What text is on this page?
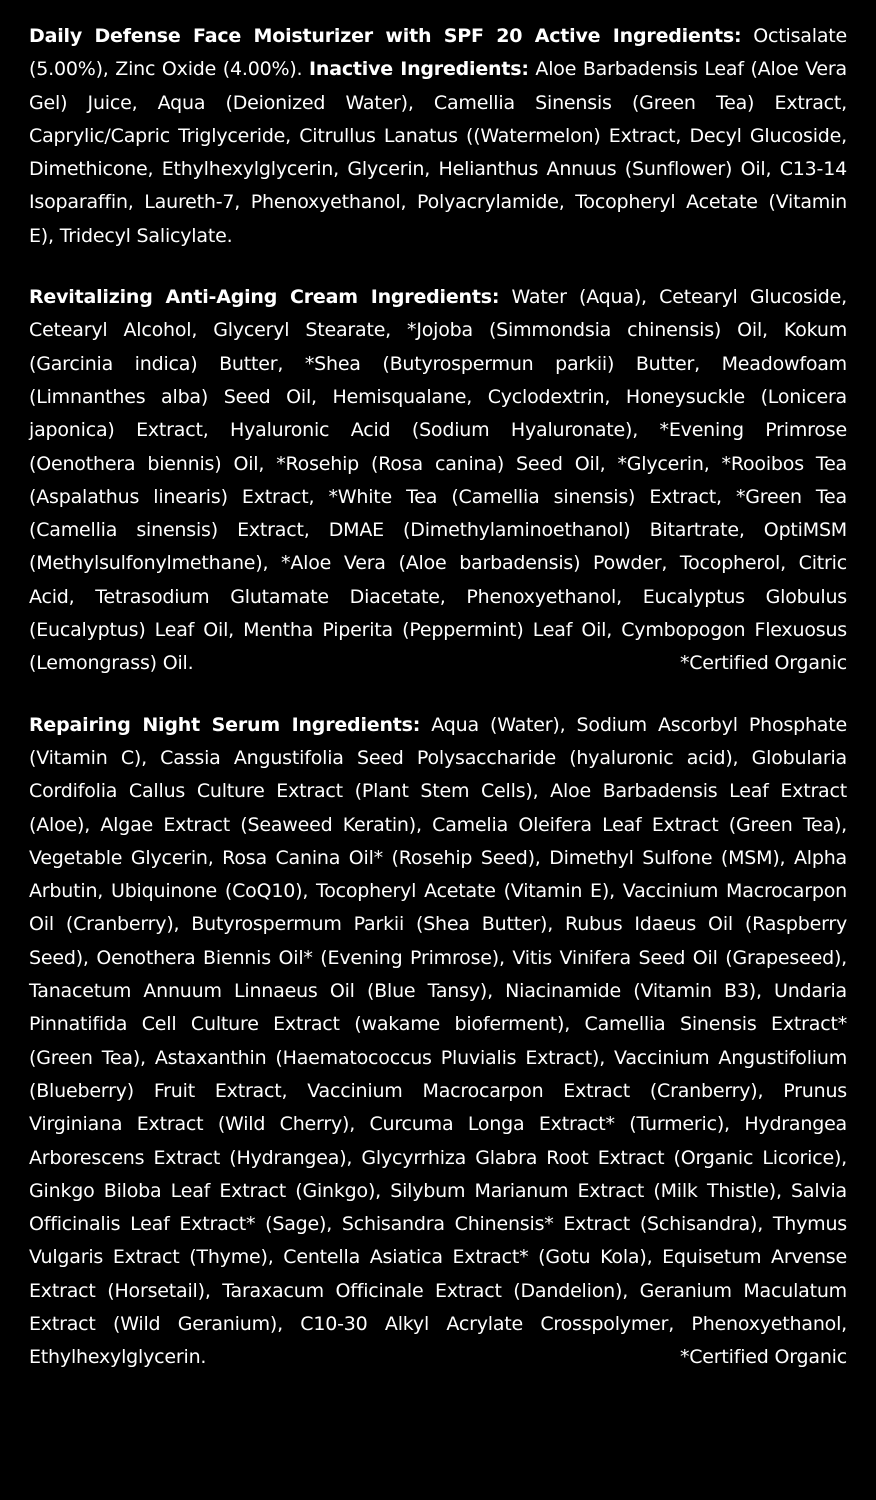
Daily Defense Face Moisturizer with SPF 20 Active Ingredients: Octisalate (5.00%), Zinc Oxide (4.00%). Inactive Ingredients: Aloe Barbadensis Leaf (Aloe Vera Gel) Juice, Aqua (Deionized Water), Camellia Sinensis (Green Tea) Extract, Caprylic/Capric Triglyceride, Citrullus Lanatus ((Watermelon) Extract, Decyl Glucoside, Dimethicone, Ethylhexylglycerin, Glycerin, Helianthus Annuus (Sunflower) Oil, C13-14 Isoparaffin, Laureth-7, Phenoxyethanol, Polyacrylamide, Tocopheryl Acetate (Vitamin E), Tridecyl Salicylate.

Revitalizing Anti-Aging Cream Ingredients: Water (Aqua), Cetearyl Glucoside, Cetearyl Alcohol, Glyceryl Stearate, *Jojoba (Simmondsia chinensis) Oil, Kokum (Garcinia indica) Butter, *Shea (Butyrospermun parkii) Butter, Meadowfoam (Limnanthes alba) Seed Oil, Hemisqualane, Cyclodextrin, Honeysuckle (Lonicera japonica) Extract, Hyaluronic Acid (Sodium Hyaluronate), *Evening Primrose (Oenothera biennis) Oil, *Rosehip (Rosa canina) Seed Oil, *Glycerin, *Rooibos Tea (Aspalathus linearis) Extract, *White Tea (Camellia sinensis) Extract, *Green Tea (Camellia sinensis) Extract, DMAE (Dimethylaminoethanol) Bitartrate, OptiMSM (Methylsulfonylmethane), *Aloe Vera (Aloe barbadensis) Powder, Tocopherol, Citric Acid, Tetrasodium Glutamate Diacetate, Phenoxyethanol, Eucalyptus Globulus (Eucalyptus) Leaf Oil, Mentha Piperita (Peppermint) Leaf Oil, Cymbopogon Flexuosus (Lemongrass) Oil.	*Certified Organic

Repairing Night Serum Ingredients: Aqua (Water), Sodium Ascorbyl Phosphate (Vitamin C), Cassia Angustifolia Seed Polysaccharide (hyaluronic acid), Globularia Cordifolia Callus Culture Extract (Plant Stem Cells), Aloe Barbadensis Leaf Extract (Aloe), Algae Extract (Seaweed Keratin), Camelia Oleifera Leaf Extract (Green Tea), Vegetable Glycerin, Rosa Canina Oil* (Rosehip Seed), Dimethyl Sulfone (MSM), Alpha Arbutin, Ubiquinone (CoQ10), Tocopheryl Acetate (Vitamin E), Vaccinium Macrocarpon Oil (Cranberry), Butyrospermum Parkii (Shea Butter), Rubus Idaeus Oil (Raspberry Seed), Oenothera Biennis Oil* (Evening Primrose), Vitis Vinifera Seed Oil (Grapeseed), Tanacetum Annuum Linnaeus Oil (Blue Tansy), Niacinamide (Vitamin B3), Undaria Pinnatifida Cell Culture Extract (wakame bioferment), Camellia Sinensis Extract* (Green Tea), Astaxanthin (Haematococcus Pluvialis Extract), Vaccinium Angustifolium (Blueberry) Fruit Extract, Vaccinium Macrocarpon Extract (Cranberry), Prunus Virginiana Extract (Wild Cherry), Curcuma Longa Extract* (Turmeric), Hydrangea Arborescens Extract (Hydrangea), Glycyrrhiza Glabra Root Extract (Organic Licorice), Ginkgo Biloba Leaf Extract (Ginkgo), Silybum Marianum Extract (Milk Thistle), Salvia Officinalis Leaf Extract* (Sage), Schisandra Chinensis* Extract (Schisandra), Thymus Vulgaris Extract (Thyme), Centella Asiatica Extract* (Gotu Kola), Equisetum Arvense Extract (Horsetail), Taraxacum Officinale Extract (Dandelion), Geranium Maculatum Extract (Wild Geranium), C10-30 Alkyl Acrylate Crosspolymer, Phenoxyethanol, Ethylhexylglycerin.	*Certified Organic
